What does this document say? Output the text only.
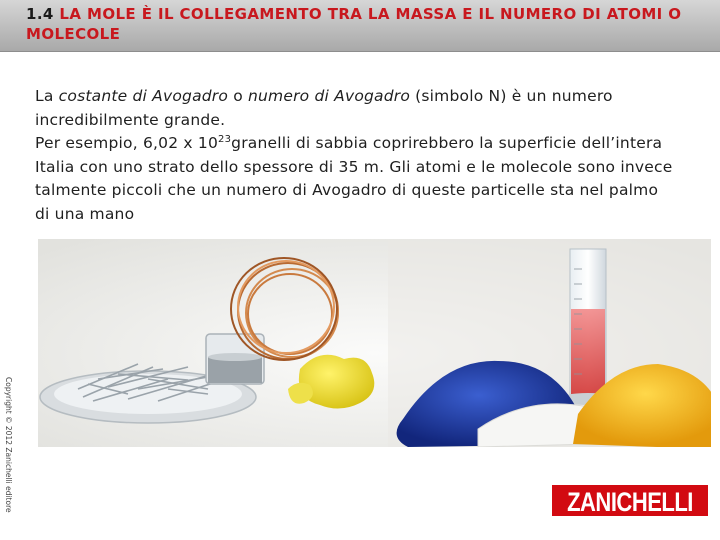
1.4 LA MOLE È IL COLLEGAMENTO TRA LA MASSA E IL NUMERO DI ATOMI O MOLECOLE

La costante di Avogadro o numero di Avogadro (simbolo N) è un numero incredibilmente grande.

Per esempio, 6,02 x $10^{23}granelli$ di sabbia coprirebbero la superficie dell’intera Italia con uno strato dello spessore di 35 m. Gli atomi e le molecole sono invece talmente piccoli che un numero di Avogadro di queste particelle sta nel palmo di una mano

Copyright © 2012 Zanichelli editore	ZANICHELLI
